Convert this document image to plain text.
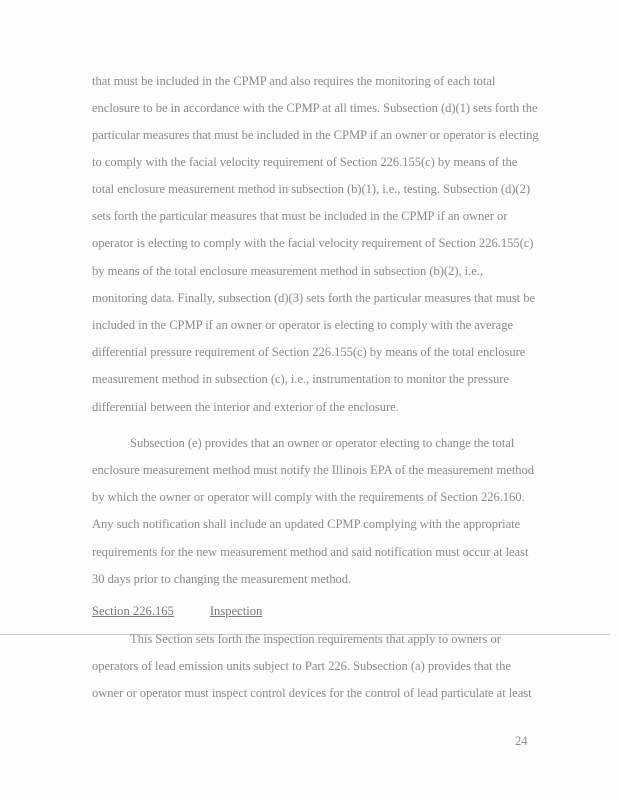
that must be included in the CPMP and also requires the monitoring of each total
enclosure to be in accordance with the CPMP at all times. Subsection (d)(1) sets forth the
particular measures that must be included in the CPMP if an owner or operator is electing
to comply with the facial velocity requirement of Section 226.155(c) by means of the
total enclosure measurement method in subsection (b)(1), i.e., testing. Subsection (d)(2)
sets forth the particular measures that must be included in the CPMP if an owner or
operator is electing to comply with the facial velocity requirement of Section 226.155(c)
by means of the total enclosure measurement method in subsection (b)(2), i.e.,
monitoring data. Finally, subsection (d)(3) sets forth the particular measures that must be
included in the CPMP if an owner or operator is electing to comply with the average
differential pressure requirement of Section 226.155(c) by means of the total enclosure
measurement method in subsection (c), i.e., instrumentation to monitor the pressure
differential between the interior and exterior of the enclosure.
Subsection (e) provides that an owner or operator electing to change the total
enclosure measurement method must notify the Illinois EPA of the measurement method
by which the owner or operator will comply with the requirements of Section 226.160.
Any such notification shall include an updated CPMP complying with the appropriate
requirements for the new measurement method and said notification must occur at least
30 days prior to changing the measurement method.
Section 226.165	Inspection
This Section sets forth the inspection requirements that apply to owners or
operators of lead emission units subject to Part 226. Subsection (a) provides that the
owner or operator must inspect control devices for the control of lead particulate at least
24
